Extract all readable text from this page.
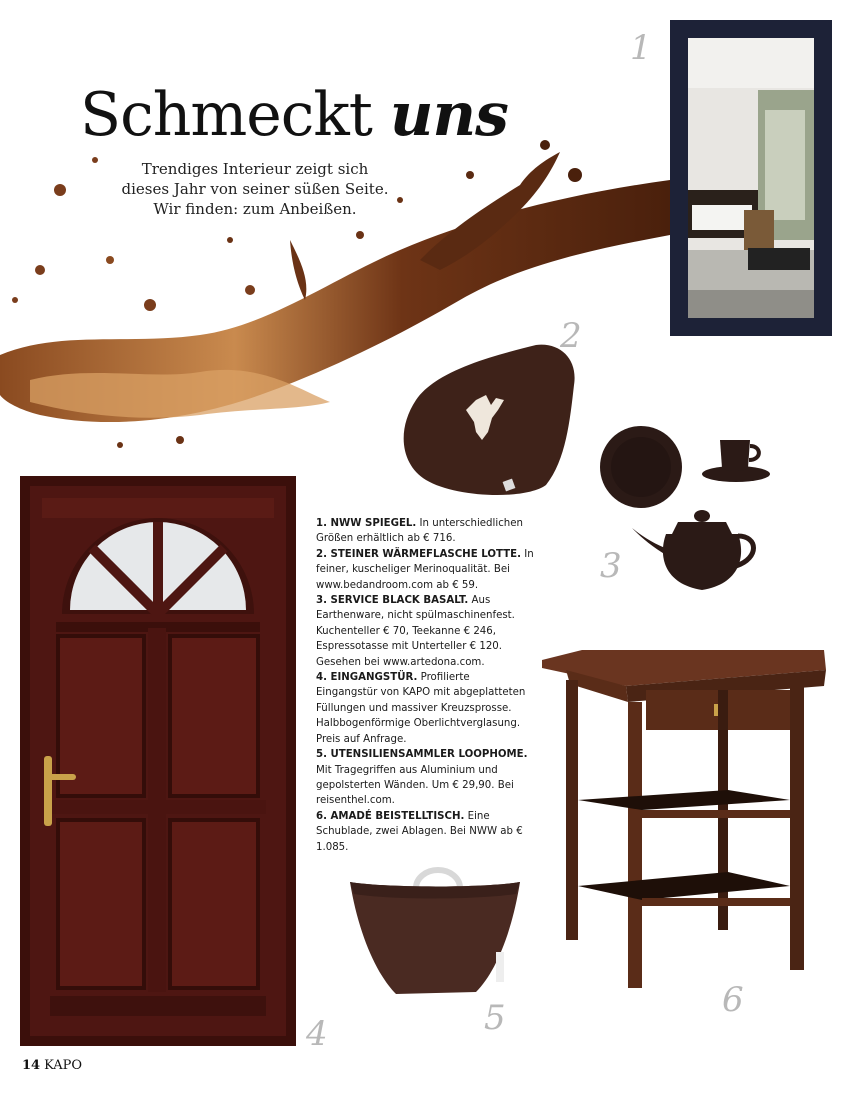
Schmeckt uns
Trendiges Interieur zeigt sich
dieses Jahr von seiner süßen Seite.
Wir finden: zum Anbeißen.
1
2
3
4
1. NWW SPIEGEL. In unterschiedlichen Größen erhältlich ab € 716.
2. STEINER WÄRMEFLASCHE LOTTE. In feiner, kuscheliger Merinoqualität. Bei www.bedandroom.com ab € 59.
3. SERVICE BLACK BASALT. Aus Earthenware, nicht spülmaschinenfest. Kuchenteller € 70, Teekanne € 246, Espressotasse mit Unterteller € 120. Gesehen bei www.artedona.com.
4. EINGANGSTÜR. Profilierte Eingangstür von KAPO mit abgeplatteten Füllungen und massiver Kreuzsprosse. Halbbogenförmige Oberlichtverglasung. Preis auf Anfrage.
5. UTENSILIENSAMMLER LOOPHOME. Mit Tragegriffen aus Aluminium und gepolsterten Wänden. Um € 29,90. Bei reisenthel.com.
6. AMADÉ BEISTELLTISCH. Eine Schublade, zwei Ablagen. Bei NWW ab € 1.085.
5	6
14 KAPO
